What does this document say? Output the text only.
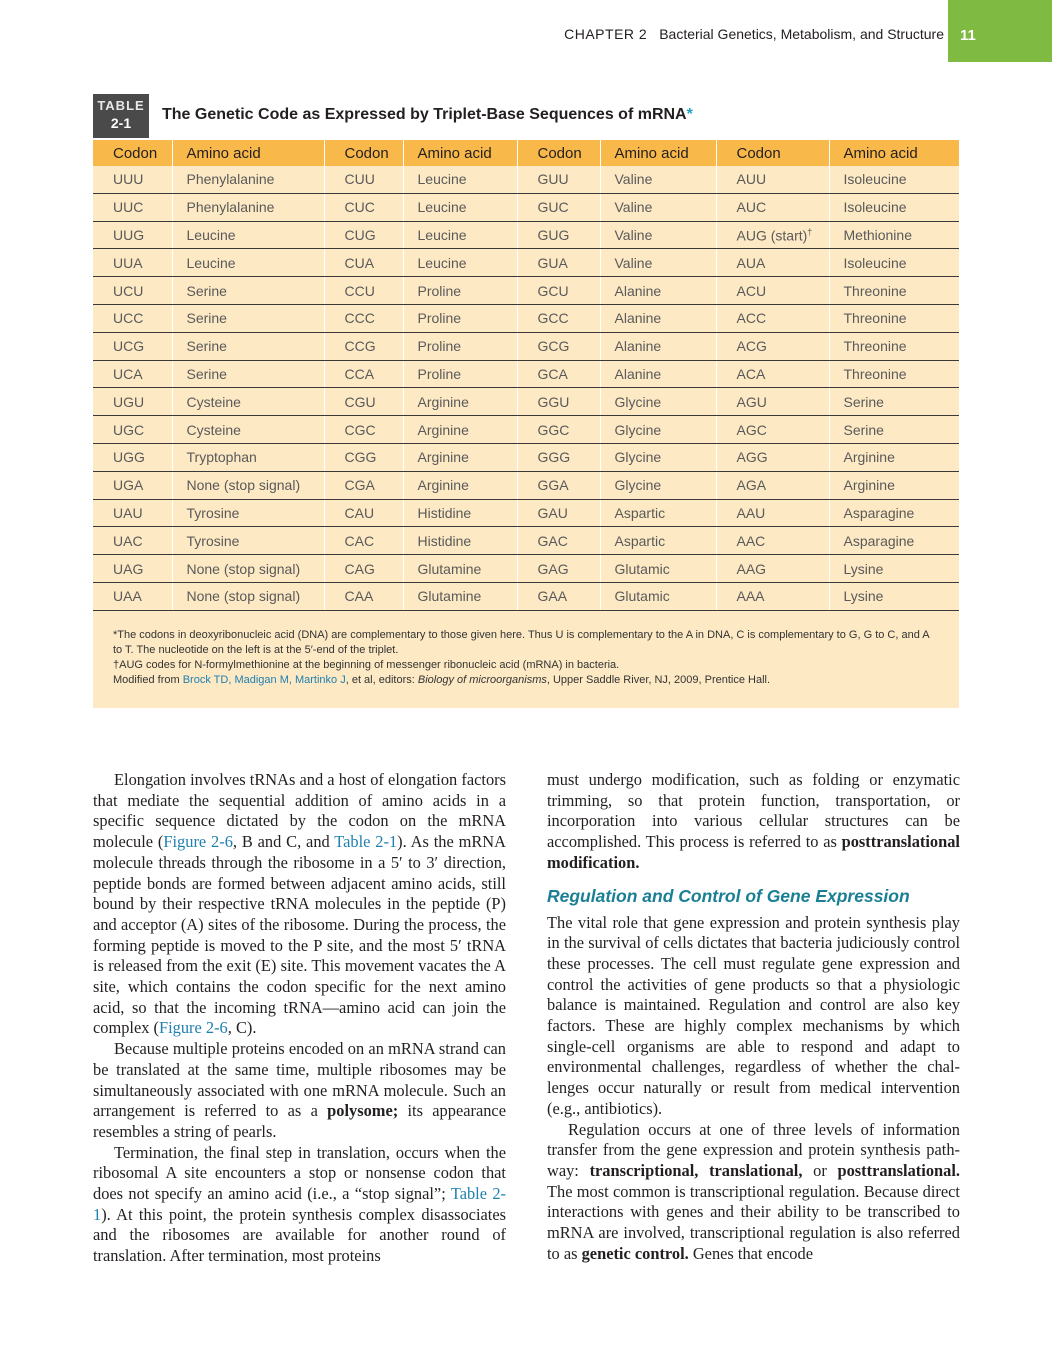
CHAPTER 2 Bacterial Genetics, Metabolism, and Structure 11
TABLE
2-1	The Genetic Code as Expressed by Triplet-Base Sequences of mRNA*
Codon	Amino acid	Codon	Amino acid	Codon	Amino acid	Codon	Amino acid
UUU	Phenylalanine	CUU	Leucine	GUU	Valine	AUU	Isoleucine
UUC	Phenylalanine	CUC	Leucine	GUC	Valine	AUC	Isoleucine
UUG	Leucine	CUG	Leucine	GUG	Valine	AUG (start)†	Methionine
UUA	Leucine	CUA	Leucine	GUA	Valine	AUA	Isoleucine
UCU	Serine	CCU	Proline	GCU	Alanine	ACU	Threonine
UCC	Serine	CCC	Proline	GCC	Alanine	ACC	Threonine
UCG	Serine	CCG	Proline	GCG	Alanine	ACG	Threonine
UCA	Serine	CCA	Proline	GCA	Alanine	ACA	Threonine
UGU	Cysteine	CGU	Arginine	GGU	Glycine	AGU	Serine
UGC	Cysteine	CGC	Arginine	GGC	Glycine	AGC	Serine
UGG	Tryptophan	CGG	Arginine	GGG	Glycine	AGG	Arginine
UGA	None (stop signal)	CGA	Arginine	GGA	Glycine	AGA	Arginine
UAU	Tyrosine	CAU	Histidine	GAU	Aspartic	AAU	Asparagine
UAC	Tyrosine	CAC	Histidine	GAC	Aspartic	AAC	Asparagine
UAG	None (stop signal)	CAG	Glutamine	GAG	Glutamic	AAG	Lysine
UAA	None (stop signal)	CAA	Glutamine	GAA	Glutamic	AAA	Lysine

*The codons in deoxyribonucleic acid (DNA) are complementary to those given here. Thus U is complementary to the A in DNA, C is complementary to G, G to C, and A to T. The nucleotide on the left is at the 5′-end of the triplet.

†AUG codes for N-formylmethionine at the beginning of messenger ribonucleic acid (mRNA) in bacteria.

Modified from Brock TD, Madigan M, Martinko J, et al, editors: Biology of microorganisms, Upper Saddle River, NJ, 2009, Prentice Hall.

Elongation involves tRNAs and a host of elongation factors that mediate the sequential addition of amino acids in a specific sequence dictated by the codon on the mRNA molecule (Figure 2-6, B and C, and Table 2-1). As the mRNA molecule threads through the ribosome in a 5′ to 3′ direction, peptide bonds are formed between adjacent amino acids, still bound by their respective tRNA molecules in the peptide (P) and acceptor (A) sites of the ribosome. During the process, the forming peptide is moved to the P site, and the most 5′ tRNA is released from the exit (E) site. This movement vacates the A site, which contains the codon specific for the next amino acid, so that the incoming tRNA—amino acid can join the complex (Figure 2-6, C).

Because multiple proteins encoded on an mRNA strand can be translated at the same time, multiple ribosomes may be simultaneously associated with one mRNA molecule. Such an arrangement is referred to as a polysome; its appearance resembles a string of pearls.

Termination, the final step in translation, occurs when the ribosomal A site encounters a stop or nonsense codon that does not specify an amino acid (i.e., a “stop signal”; Table 2-1). At this point, the protein synthesis complex disassociates and the ribosomes are available for another round of translation. After termination, most proteins

must undergo modification, such as folding or enzymatic trimming, so that protein function, transportation, or incorporation into various cellular structures can be accomplished. This process is referred to as posttranslational modification.

Regulation and Control of Gene Expression

The vital role that gene expression and protein synthesis play in the survival of cells dictates that bacteria judiciously control these processes. The cell must regulate gene expression and control the activities of gene products so that a physiologic balance is maintained. Regulation and control are also key factors. These are highly complex mechanisms by which single-cell organisms are able to respond and adapt to environmental challenges, regardless of whether the challenges occur naturally or result from medical intervention (e.g., antibiotics).

Regulation occurs at one of three levels of information transfer from the gene expression and protein synthesis pathway: transcriptional, translational, or posttranslational. The most common is transcriptional regulation. Because direct interactions with genes and their ability to be transcribed to mRNA are involved, transcriptional regulation is also referred to as genetic control. Genes that encode
